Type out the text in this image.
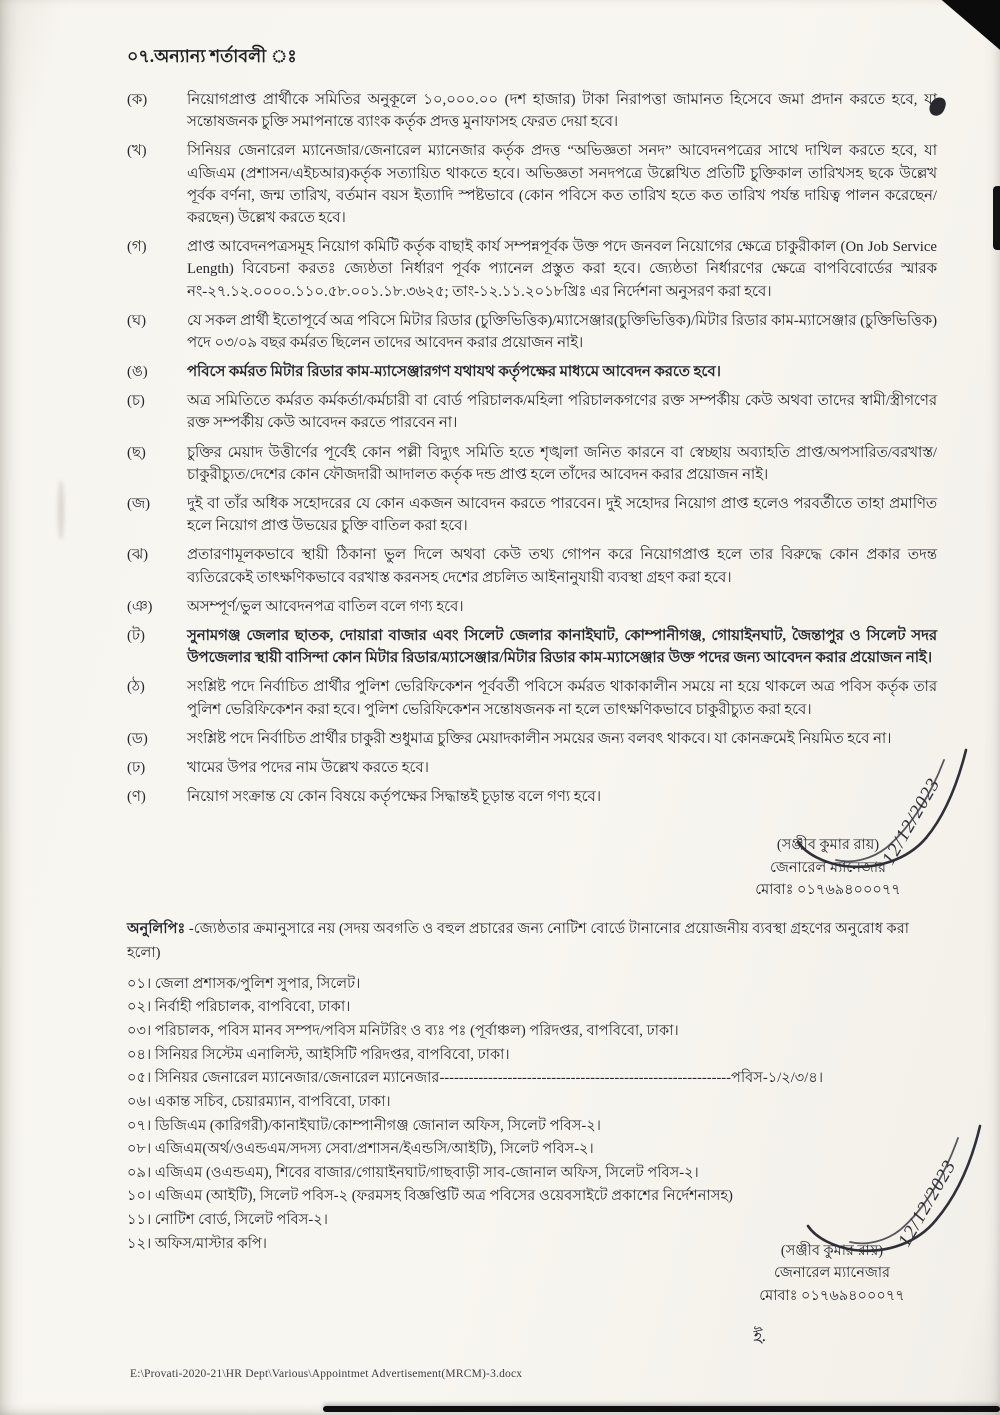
০৭.অন্যান্য শর্তাবলী ঃ
(ক)	নিয়োগপ্রাপ্ত প্রার্থীকে সমিতির অনুকূলে ১০,০০০.০০ (দশ হাজার) টাকা নিরাপত্তা জামানত হিসেবে জমা প্রদান করতে হবে, যা সন্তোষজনক চুক্তি সমাপনান্তে ব্যাংক কর্তৃক প্রদত্ত মুনাফাসহ ফেরত দেয়া হবে।
(খ)	সিনিয়র জেনারেল ম্যানেজার/জেনারেল ম্যানেজার কর্তৃক প্রদত্ত “অভিজ্ঞতা সনদ” আবেদনপত্রের সাথে দাখিল করতে হবে, যা এজিএম (প্রশাসন/এইচআর)কর্তৃক সত্যায়িত থাকতে হবে। অভিজ্ঞতা সনদপত্রে উল্লেখিত প্রতিটি চুক্তিকাল তারিখসহ ছকে উল্লেখ পূর্বক বর্ণনা, জন্ম তারিখ, বর্তমান বয়স ইত্যাদি স্পষ্টভাবে (কোন পবিসে কত তারিখ হতে কত তারিখ পর্যন্ত দায়িত্ব পালন করেছেন/করছেন) উল্লেখ করতে হবে।
(গ)	প্রাপ্ত আবেদনপত্রসমূহ নিয়োগ কমিটি কর্তৃক বাছাই কার্য সম্পন্নপূর্বক উক্ত পদে জনবল নিয়োগের ক্ষেত্রে চাকুরীকাল (On Job Service Length) বিবেচনা করতঃ জ্যেষ্ঠতা নির্ধারণ পূর্বক প্যানেল প্রস্তুত করা হবে। জ্যেষ্ঠতা নির্ধারণের ক্ষেত্রে বাপবিবোর্ডের স্মারক নং-২৭.১২.০০০০.১১০.৫৮.০০১.১৮.৩৬২৫; তাং-১২.১১.২০১৮খ্রিঃ এর নির্দেশনা অনুসরণ করা হবে।
(ঘ)	যে সকল প্রার্থী ইতোপূর্বে অত্র পবিসে মিটার রিডার (চুক্তিভিত্তিক)/ম্যাসেঞ্জার(চুক্তিভিত্তিক)/মিটার রিডার কাম-ম্যাসেঞ্জার (চুক্তিভিত্তিক) পদে ০৩/০৯ বছর কর্মরত ছিলেন তাদের আবেদন করার প্রয়োজন নাই।
(ঙ)	পবিসে কর্মরত মিটার রিডার কাম-ম্যাসেঞ্জারগণ যথাযথ কর্তৃপক্ষের মাধ্যমে আবেদন করতে হবে।
(চ)	অত্র সমিতিতে কর্মরত কর্মকর্তা/কর্মচারী বা বোর্ড পরিচালক/মহিলা পরিচালকগণের রক্ত সম্পর্কীয় কেউ অথবা তাদের স্বামী/স্ত্রীগণের রক্ত সম্পর্কীয় কেউ আবেদন করতে পারবেন না।
(ছ)	চুক্তির মেয়াদ উত্তীর্ণের পূর্বেই কোন পল্লী বিদ্যুৎ সমিতি হতে শৃঙ্খলা জনিত কারনে বা স্বেচ্ছায় অব্যাহতি প্রাপ্ত/অপসারিত/বরখাস্ত/চাকুরীচ্যুত/দেশের কোন ফৌজদারী আদালত কর্তৃক দন্ড প্রাপ্ত হলে তাঁদের আবেদন করার প্রয়োজন নাই।
(জ)	দুই বা তাঁর অধিক সহোদরের যে কোন একজন আবেদন করতে পারবেন। দুই সহোদর নিয়োগ প্রাপ্ত হলেও পরবর্তীতে তাহা প্রমাণিত হলে নিয়োগ প্রাপ্ত উভয়ের চুক্তি বাতিল করা হবে।
(ঝ)	প্রতারণামূলকভাবে স্থায়ী ঠিকানা ভুল দিলে অথবা কেউ তথ্য গোপন করে নিয়োগপ্রাপ্ত হলে তার বিরুদ্ধে কোন প্রকার তদন্ত ব্যতিরেকেই তাৎক্ষণিকভাবে বরখাস্ত করনসহ দেশের প্রচলিত আইনানুযায়ী ব্যবস্থা গ্রহণ করা হবে।
(ঞ)	অসম্পূর্ণ/ভুল আবেদনপত্র বাতিল বলে গণ্য হবে।
(ট)	সুনামগঞ্জ জেলার ছাতক, দোয়ারা বাজার এবং সিলেট জেলার কানাইঘাট, কোম্পানীগঞ্জ, গোয়াইনঘাট, জৈন্তাপুর ও সিলেট সদর উপজেলার স্থায়ী বাসিন্দা কোন মিটার রিডার/ম্যাসেঞ্জার/মিটার রিডার কাম-ম্যাসেঞ্জার উক্ত পদের জন্য আবেদন করার প্রয়োজন নাই।
(ঠ)	সংশ্লিষ্ট পদে নির্বাচিত প্রার্থীর পুলিশ ভেরিফিকেশন পূর্ববর্তী পবিসে কর্মরত থাকাকালীন সময়ে না হয়ে থাকলে অত্র পবিস কর্তৃক তার পুলিশ ভেরিফিকেশন করা হবে। পুলিশ ভেরিফিকেশন সন্তোষজনক না হলে তাৎক্ষণিকভাবে চাকুরীচ্যুত করা হবে।
(ড)	সংশ্লিষ্ট পদে নির্বাচিত প্রার্থীর চাকুরী শুধুমাত্র চুক্তির মেয়াদকালীন সময়ের জন্য বলবৎ থাকবে। যা কোনক্রমেই নিয়মিত হবে না।
(ঢ)	খামের উপর পদের নাম উল্লেখ করতে হবে।
(ণ)	নিয়োগ সংক্রান্ত যে কোন বিষয়ে কর্তৃপক্ষের সিদ্ধান্তই চূড়ান্ত বলে গণ্য হবে।
(সঞ্জীব কুমার রায়)
জেনারেল ম্যানেজার
মোবাঃ ০১৭৬৯৪০০০৭৭
অনুলিপিঃ -জ্যেষ্ঠতার ক্রমানুসারে নয় (সদয় অবগতি ও বহুল প্রচারের জন্য নোটিশ বোর্ডে টানানোর প্রয়োজনীয় ব্যবস্থা গ্রহণের অনুরোধ করা হলো)
০১। জেলা প্রশাসক/পুলিশ সুপার, সিলেট।
০২। নির্বাহী পরিচালক, বাপবিবো, ঢাকা।
০৩। পরিচালক, পবিস মানব সম্পদ/পবিস মনিটরিং ও ব্যঃ পঃ (পূর্বাঞ্চল) পরিদপ্তর, বাপবিবো, ঢাকা।
০৪। সিনিয়র সিস্টেম এনালিস্ট, আইসিটি পরিদপ্তর, বাপবিবো, ঢাকা।
০৫। সিনিয়র জেনারেল ম্যানেজার/জেনারেল ম্যানেজার------------------------------------------------------------পবিস-১/২/৩/৪।
০৬। একান্ত সচিব, চেয়ারম্যান, বাপবিবো, ঢাকা।
০৭। ডিজিএম (কারিগরী)/কানাইঘাট/কোম্পানীগঞ্জ জোনাল অফিস, সিলেট পবিস-২।
০৮। এজিএম(অর্থ/ওএন্ডএম/সদস্য সেবা/প্রশাসন/ইএন্ডসি/আইটি), সিলেট পবিস-২।
০৯। এজিএম (ওএন্ডএম), শিবের বাজার/গোয়াইনঘাট/গাছবাড়ী সাব-জোনাল অফিস, সিলেট পবিস-২।
১০। এজিএম (আইটি), সিলেট পবিস-২ (ফরমসহ বিজ্ঞপ্তিটি অত্র পবিসের ওয়েবসাইটে প্রকাশের নির্দেশনাসহ)
১১। নোটিশ বোর্ড, সিলেট পবিস-২।
১২। অফিস/মাস্টার কপি।	(সঞ্জীব কুমার রায়)
জেনারেল ম্যানেজার
মোবাঃ ০১৭৬৯৪০০০৭৭
12/12/2023
12/12/2023
ই.
E:\Provati-2020-21\HR Dept\Various\Appointmet Advertisement(MRCM)-3.docx
